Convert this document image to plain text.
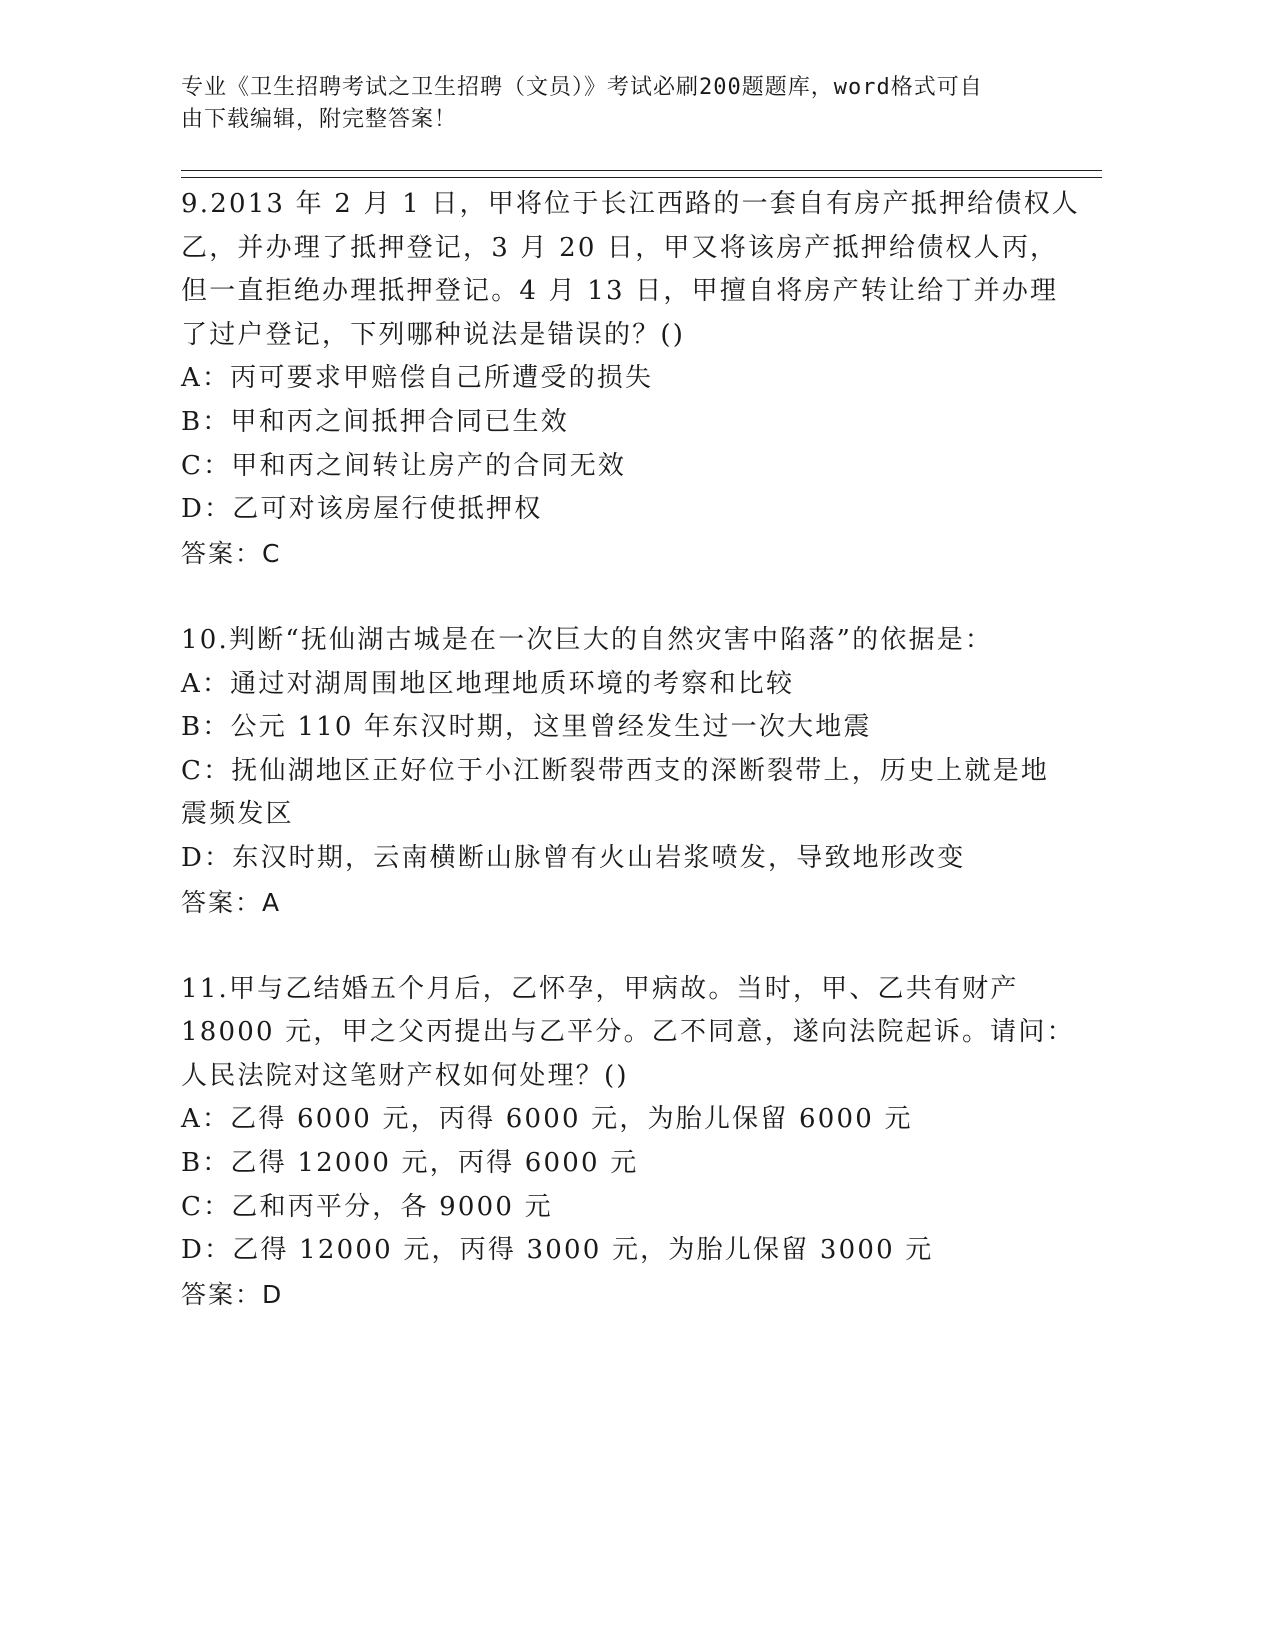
专业《卫生招聘考试之卫生招聘（文员）》考试必刷200题题库，word格式可自
由下载编辑，附完整答案！
9.2013 年 2 月 1 日，甲将位于长江西路的一套自有房产抵押给债权人
乙，并办理了抵押登记，3 月 20 日，甲又将该房产抵押给债权人丙，
但一直拒绝办理抵押登记。4 月 13 日，甲擅自将房产转让给丁并办理
了过户登记，下列哪种说法是错误的？()
A：丙可要求甲赔偿自己所遭受的损失
B：甲和丙之间抵押合同已生效
C：甲和丙之间转让房产的合同无效
D：乙可对该房屋行使抵押权
答案：C
10.判断“抚仙湖古城是在一次巨大的自然灾害中陷落”的依据是：
A：通过对湖周围地区地理地质环境的考察和比较
B：公元 110 年东汉时期，这里曾经发生过一次大地震
C：抚仙湖地区正好位于小江断裂带西支的深断裂带上，历史上就是地
震频发区
D：东汉时期，云南横断山脉曾有火山岩浆喷发，导致地形改变
答案：A
11.甲与乙结婚五个月后，乙怀孕，甲病故。当时，甲、乙共有财产
18000 元，甲之父丙提出与乙平分。乙不同意，遂向法院起诉。请问：
人民法院对这笔财产权如何处理？()
A：乙得 6000 元，丙得 6000 元，为胎儿保留 6000 元
B：乙得 12000 元，丙得 6000 元
C：乙和丙平分，各 9000 元
D：乙得 12000 元，丙得 3000 元，为胎儿保留 3000 元
答案：D
